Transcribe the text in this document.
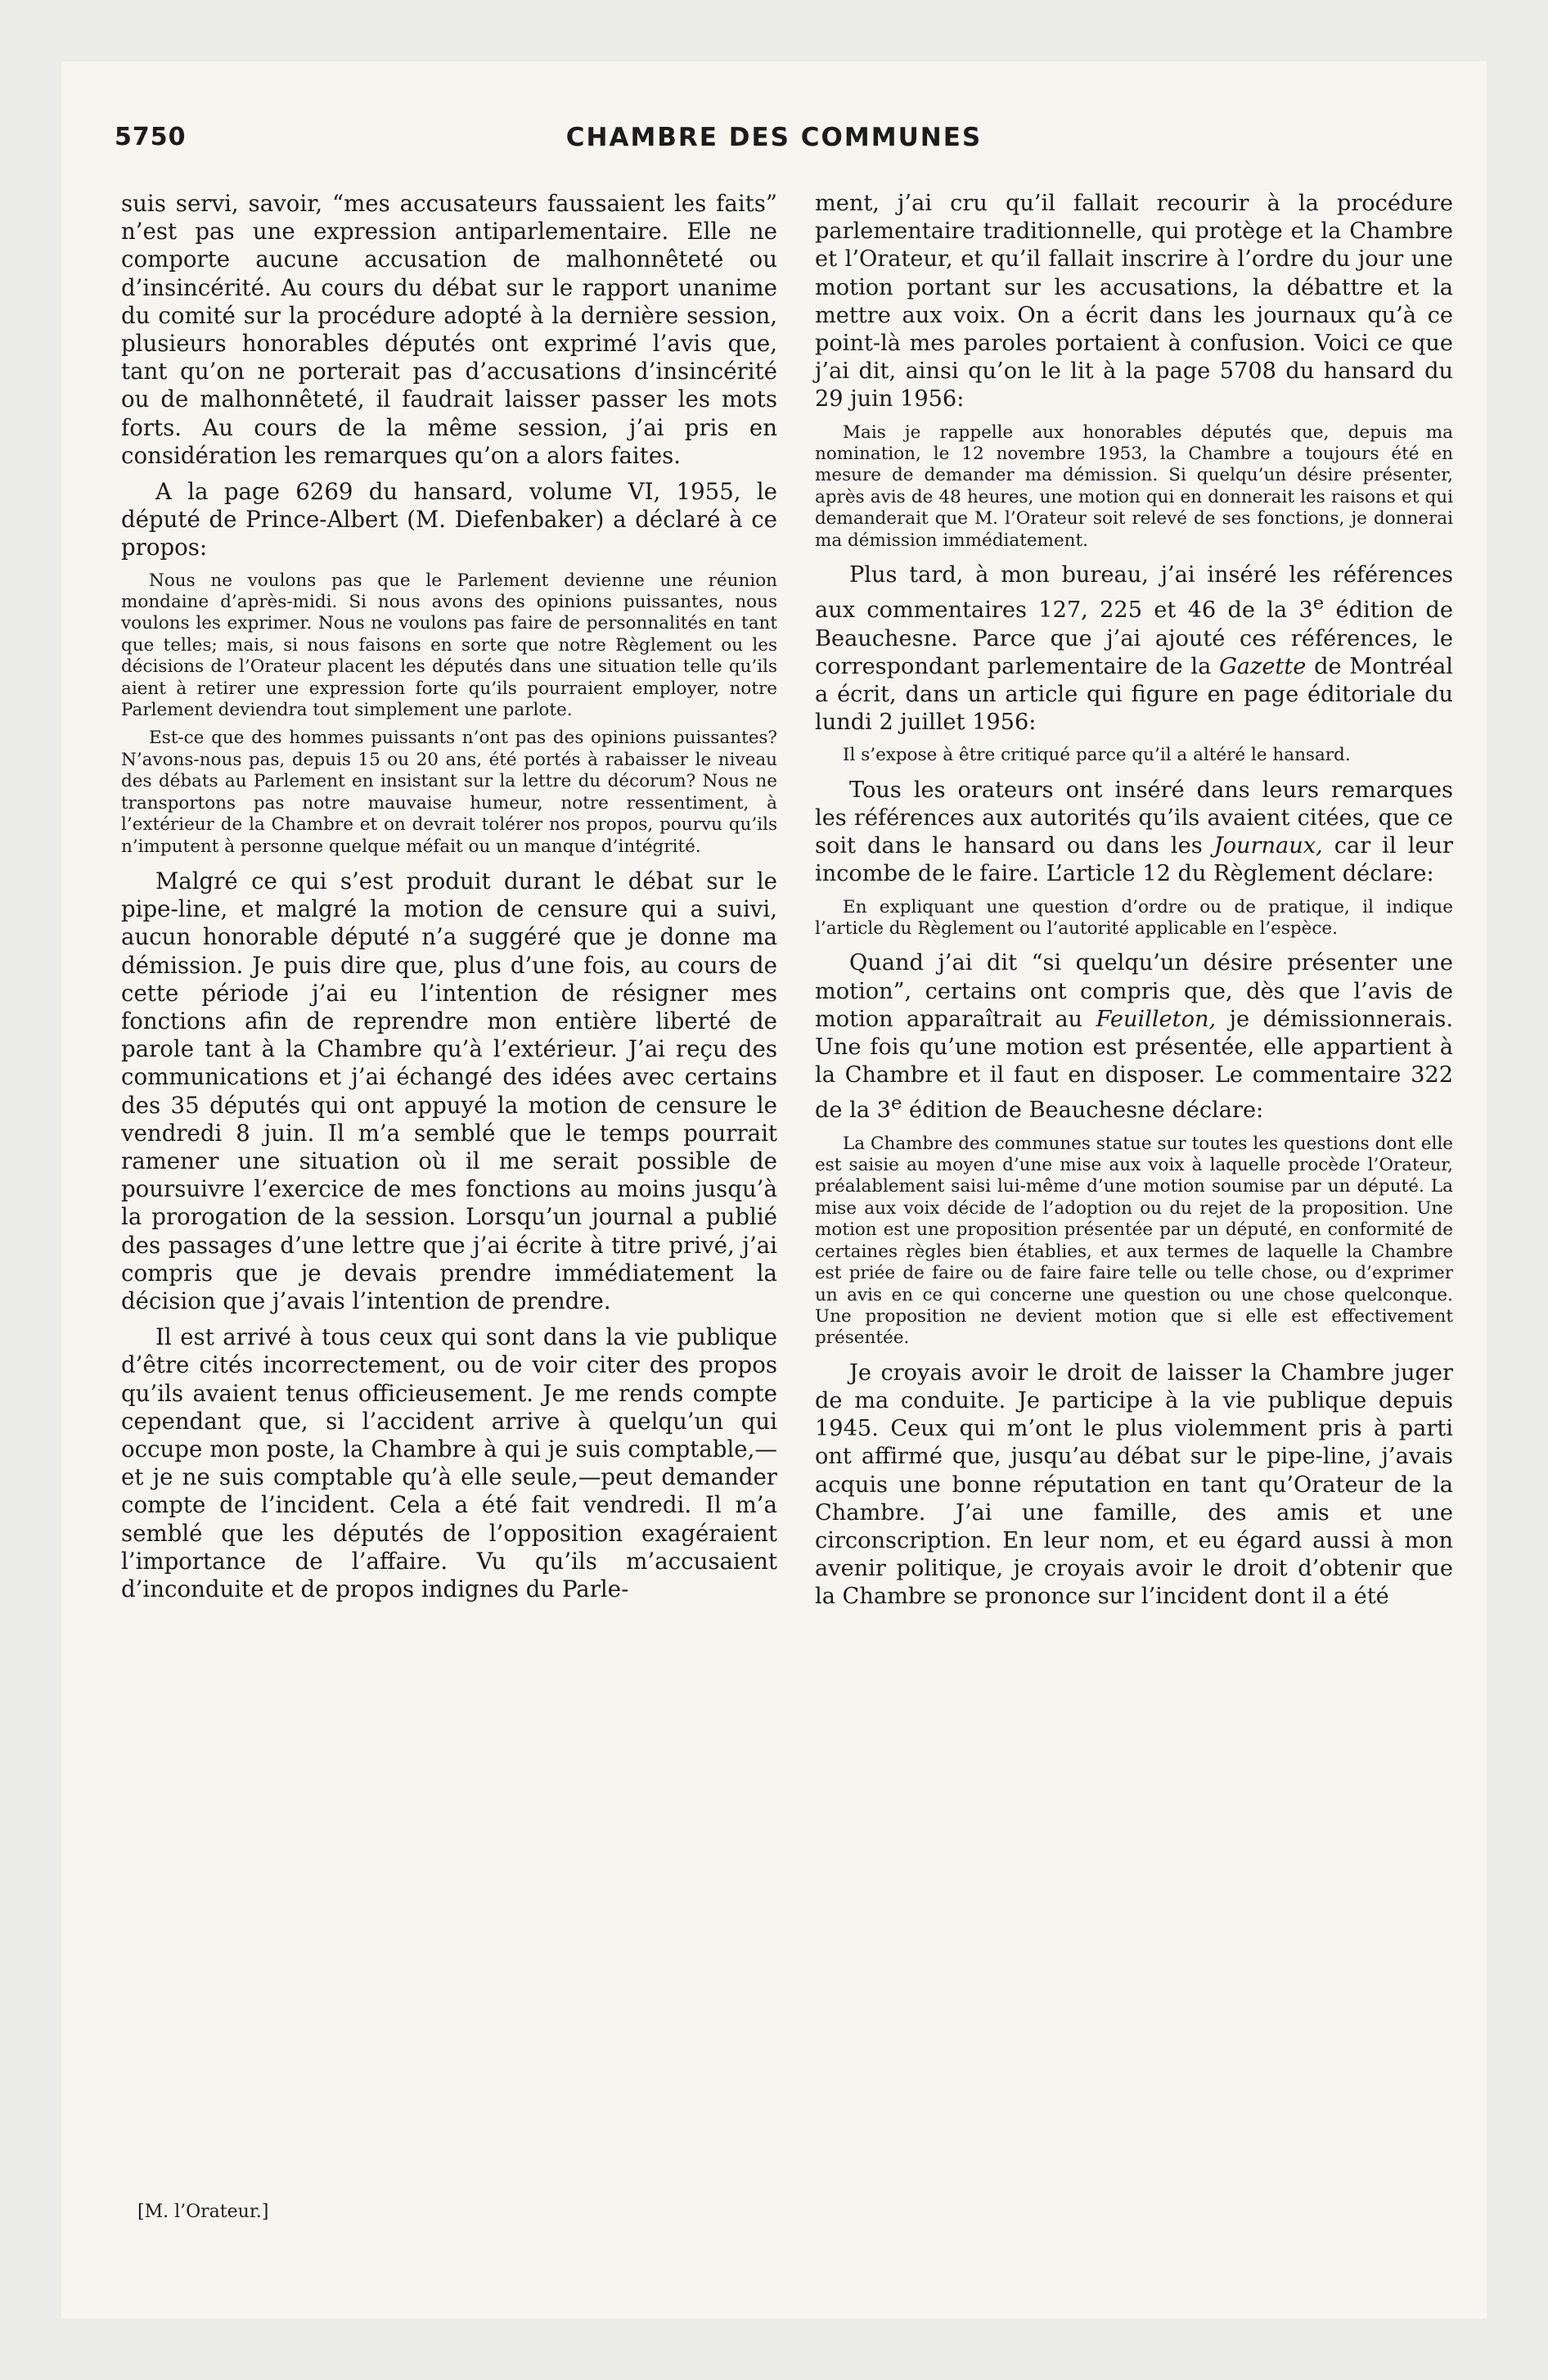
5750	CHAMBRE DES COMMUNES

suis servi, savoir, “mes accusateurs faussaient les faits” n’est pas une expression antiparlementaire. Elle ne comporte aucune accusation de malhonnêteté ou d’insincérité. Au cours du débat sur le rapport unanime du comité sur la procédure adopté à la dernière session, plusieurs honorables députés ont exprimé l’avis que, tant qu’on ne porterait pas d’accusations d’insincérité ou de malhonnêteté, il faudrait laisser passer les mots forts. Au cours de la même session, j’ai pris en considération les remarques qu’on a alors faites.

A la page 6269 du hansard, volume VI, 1955, le député de Prince-Albert (M. Diefenbaker) a déclaré à ce propos:

Nous ne voulons pas que le Parlement devienne une réunion mondaine d’après-midi. Si nous avons des opinions puissantes, nous voulons les exprimer. Nous ne voulons pas faire de personnalités en tant que telles; mais, si nous faisons en sorte que notre Règlement ou les décisions de l’Orateur placent les députés dans une situation telle qu’ils aient à retirer une expression forte qu’ils pourraient employer, notre Parlement deviendra tout simplement une parlote.

Est-ce que des hommes puissants n’ont pas des opinions puissantes? N’avons-nous pas, depuis 15 ou 20 ans, été portés à rabaisser le niveau des débats au Parlement en insistant sur la lettre du décorum? Nous ne transportons pas notre mauvaise humeur, notre ressentiment, à l’extérieur de la Chambre et on devrait tolérer nos propos, pourvu qu’ils n’imputent à personne quelque méfait ou un manque d’intégrité.

Malgré ce qui s’est produit durant le débat sur le pipe-line, et malgré la motion de censure qui a suivi, aucun honorable député n’a suggéré que je donne ma démission. Je puis dire que, plus d’une fois, au cours de cette période j’ai eu l’intention de résigner mes fonctions afin de reprendre mon entière liberté de parole tant à la Chambre qu’à l’extérieur. J’ai reçu des communications et j’ai échangé des idées avec certains des 35 députés qui ont appuyé la motion de censure le vendredi 8 juin. Il m’a semblé que le temps pourrait ramener une situation où il me serait possible de poursuivre l’exercice de mes fonctions au moins jusqu’à la prorogation de la session. Lorsqu’un journal a publié des passages d’une lettre que j’ai écrite à titre privé, j’ai compris que je devais prendre immédiatement la décision que j’avais l’intention de prendre.

Il est arrivé à tous ceux qui sont dans la vie publique d’être cités incorrectement, ou de voir citer des propos qu’ils avaient tenus officieusement. Je me rends compte cependant que, si l’accident arrive à quelqu’un qui occupe mon poste, la Chambre à qui je suis comptable,—et je ne suis comptable qu’à elle seule,—peut demander compte de l’incident. Cela a été fait vendredi. Il m’a semblé que les députés de l’opposition exagéraient l’importance de l’affaire. Vu qu’ils m’accusaient d’inconduite et de propos indignes du Parle-

ment, j’ai cru qu’il fallait recourir à la procédure parlementaire traditionnelle, qui protège et la Chambre et l’Orateur, et qu’il fallait inscrire à l’ordre du jour une motion portant sur les accusations, la débattre et la mettre aux voix. On a écrit dans les journaux qu’à ce point-là mes paroles portaient à confusion. Voici ce que j’ai dit, ainsi qu’on le lit à la page 5708 du hansard du 29 juin 1956:

Mais je rappelle aux honorables députés que, depuis ma nomination, le 12 novembre 1953, la Chambre a toujours été en mesure de demander ma démission. Si quelqu’un désire présenter, après avis de 48 heures, une motion qui en donnerait les raisons et qui demanderait que M. l’Orateur soit relevé de ses fonctions, je donnerai ma démission immédiatement.

Plus tard, à mon bureau, j’ai inséré les références aux commentaires 127, 225 et 46 de la 3e édition de Beauchesne. Parce que j’ai ajouté ces références, le correspondant parlementaire de la Gazette de Montréal a écrit, dans un article qui figure en page éditoriale du lundi 2 juillet 1956:

Il s’expose à être critiqué parce qu’il a altéré le hansard.

Tous les orateurs ont inséré dans leurs remarques les références aux autorités qu’ils avaient citées, que ce soit dans le hansard ou dans les Journaux, car il leur incombe de le faire. L’article 12 du Règlement déclare:

En expliquant une question d’ordre ou de pratique, il indique l’article du Règlement ou l’autorité applicable en l’espèce.

Quand j’ai dit “si quelqu’un désire présenter une motion”, certains ont compris que, dès que l’avis de motion apparaîtrait au Feuilleton, je démissionnerais. Une fois qu’une motion est présentée, elle appartient à la Chambre et il faut en disposer. Le commentaire 322 de la 3e édition de Beauchesne déclare:

La Chambre des communes statue sur toutes les questions dont elle est saisie au moyen d’une mise aux voix à laquelle procède l’Orateur, préalablement saisi lui-même d’une motion soumise par un député. La mise aux voix décide de l’adoption ou du rejet de la proposition. Une motion est une proposition présentée par un député, en conformité de certaines règles bien établies, et aux termes de laquelle la Chambre est priée de faire ou de faire faire telle ou telle chose, ou d’exprimer un avis en ce qui concerne une question ou une chose quelconque. Une proposition ne devient motion que si elle est effectivement présentée.

Je croyais avoir le droit de laisser la Chambre juger de ma conduite. Je participe à la vie publique depuis 1945. Ceux qui m’ont le plus violemment pris à parti ont affirmé que, jusqu’au débat sur le pipe-line, j’avais acquis une bonne réputation en tant qu’Orateur de la Chambre. J’ai une famille, des amis et une circonscription. En leur nom, et eu égard aussi à mon avenir politique, je croyais avoir le droit d’obtenir que la Chambre se prononce sur l’incident dont il a été

[M. l’Orateur.]
